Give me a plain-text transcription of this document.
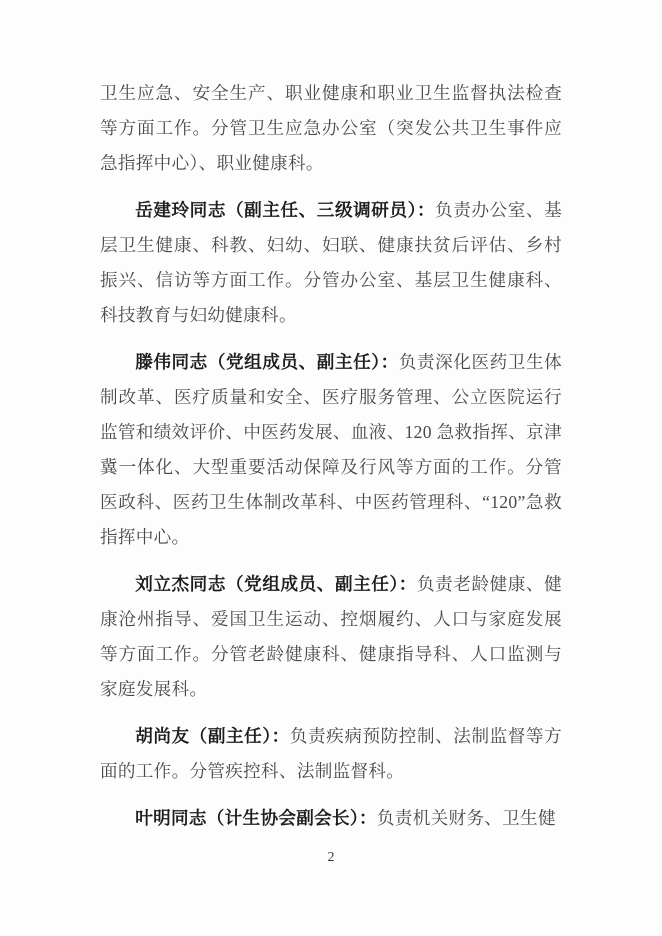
卫生应急、安全生产、职业健康和职业卫生监督执法检查等方面工作。分管卫生应急办公室（突发公共卫生事件应急指挥中心）、职业健康科。

岳建玲同志（副主任、三级调研员）：负责办公室、基层卫生健康、科教、妇幼、妇联、健康扶贫后评估、乡村振兴、信访等方面工作。分管办公室、基层卫生健康科、科技教育与妇幼健康科。

滕伟同志（党组成员、副主任）：负责深化医药卫生体制改革、医疗质量和安全、医疗服务管理、公立医院运行监管和绩效评价、中医药发展、血液、120 急救指挥、京津冀一体化、大型重要活动保障及行风等方面的工作。分管医政科、医药卫生体制改革科、中医药管理科、“120”急救指挥中心。

刘立杰同志（党组成员、副主任）：负责老龄健康、健康沧州指导、爱国卫生运动、控烟履约、人口与家庭发展等方面工作。分管老龄健康科、健康指导科、人口监测与家庭发展科。

胡尚友（副主任）：负责疾病预防控制、法制监督等方面的工作。分管疾控科、法制监督科。

叶明同志（计生协会副会长）：负责机关财务、卫生健

2
